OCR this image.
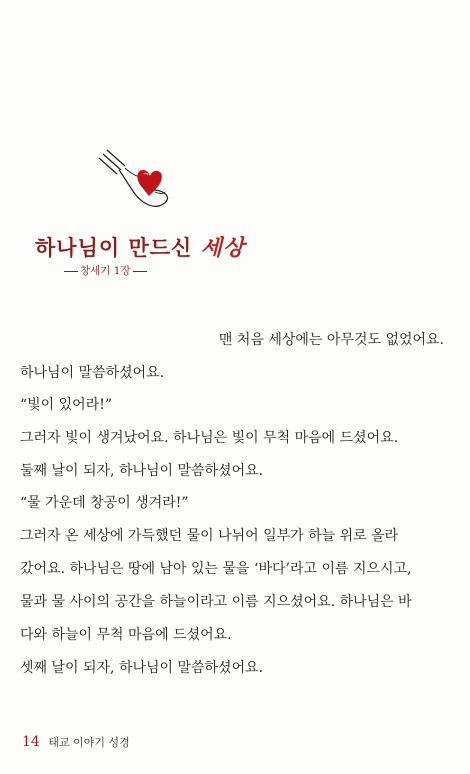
하나님이 만드신 세상
창세기 1장
맨 처음 세상에는 아무것도 없었어요.
하나님이 말씀하셨어요.
“빛이 있어라!”
그러자 빛이 생겨났어요. 하나님은 빛이 무척 마음에 드셨어요.
둘째 날이 되자, 하나님이 말씀하셨어요.
“물 가운데 창공이 생겨라!”
그러자 온 세상에 가득했던 물이 나뉘어 일부가 하늘 위로 올라
갔어요. 하나님은 땅에 남아 있는 물을 ‘바다’라고 이름 지으시고,
물과 물 사이의 공간을 하늘이라고 이름 지으셨어요. 하나님은 바
다와 하늘이 무척 마음에 드셨어요.
셋째 날이 되자, 하나님이 말씀하셨어요.
14 태교 이야기 성경
